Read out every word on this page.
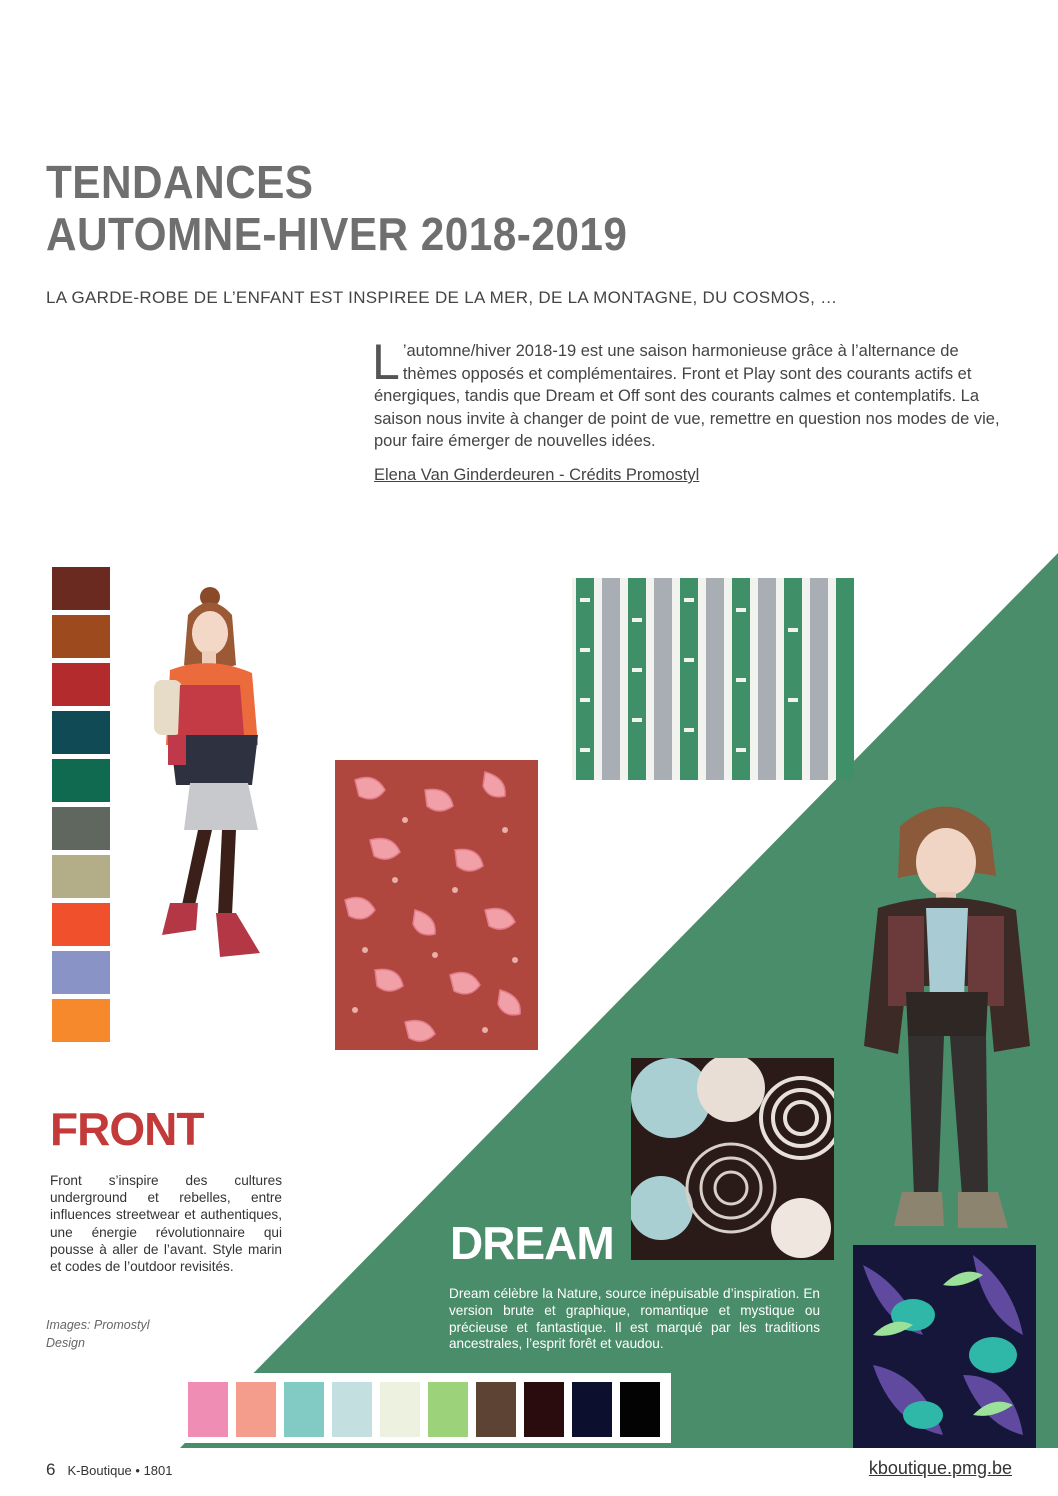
TENDANCES
AUTOMNE-HIVER 2018-2019
LA GARDE-ROBE DE L’ENFANT EST INSPIREE DE LA MER, DE LA MONTAGNE, DU COSMOS, …
L ’automne/hiver 2018-19 est une saison harmonieuse grâce à l’alternance de thèmes opposés et complémentaires. Front et Play sont des courants actifs et énergiques, tandis que Dream et Off sont des courants calmes et contemplatifs. La saison nous invite à changer de point de vue, remettre en question nos modes de vie, pour faire émerger de nouvelles idées.
Elena Van Ginderdeuren - Crédits Promostyl
FRONT
Front s’inspire des cultures underground et rebelles, entre influences streetwear et authentiques, une énergie révolutionnaire qui pousse à aller de l’avant. Style marin et codes de l’outdoor revisités.
Images: Promostyl
Design
DREAM
Dream célèbre la Nature, source inépuisable d’inspiration. En version brute et graphique, romantique et mystique ou précieuse et fantastique. Il est marqué par les traditions ancestrales, l’esprit forêt et vaudou.
6 K-Boutique • 1801	kboutique.pmg.be
